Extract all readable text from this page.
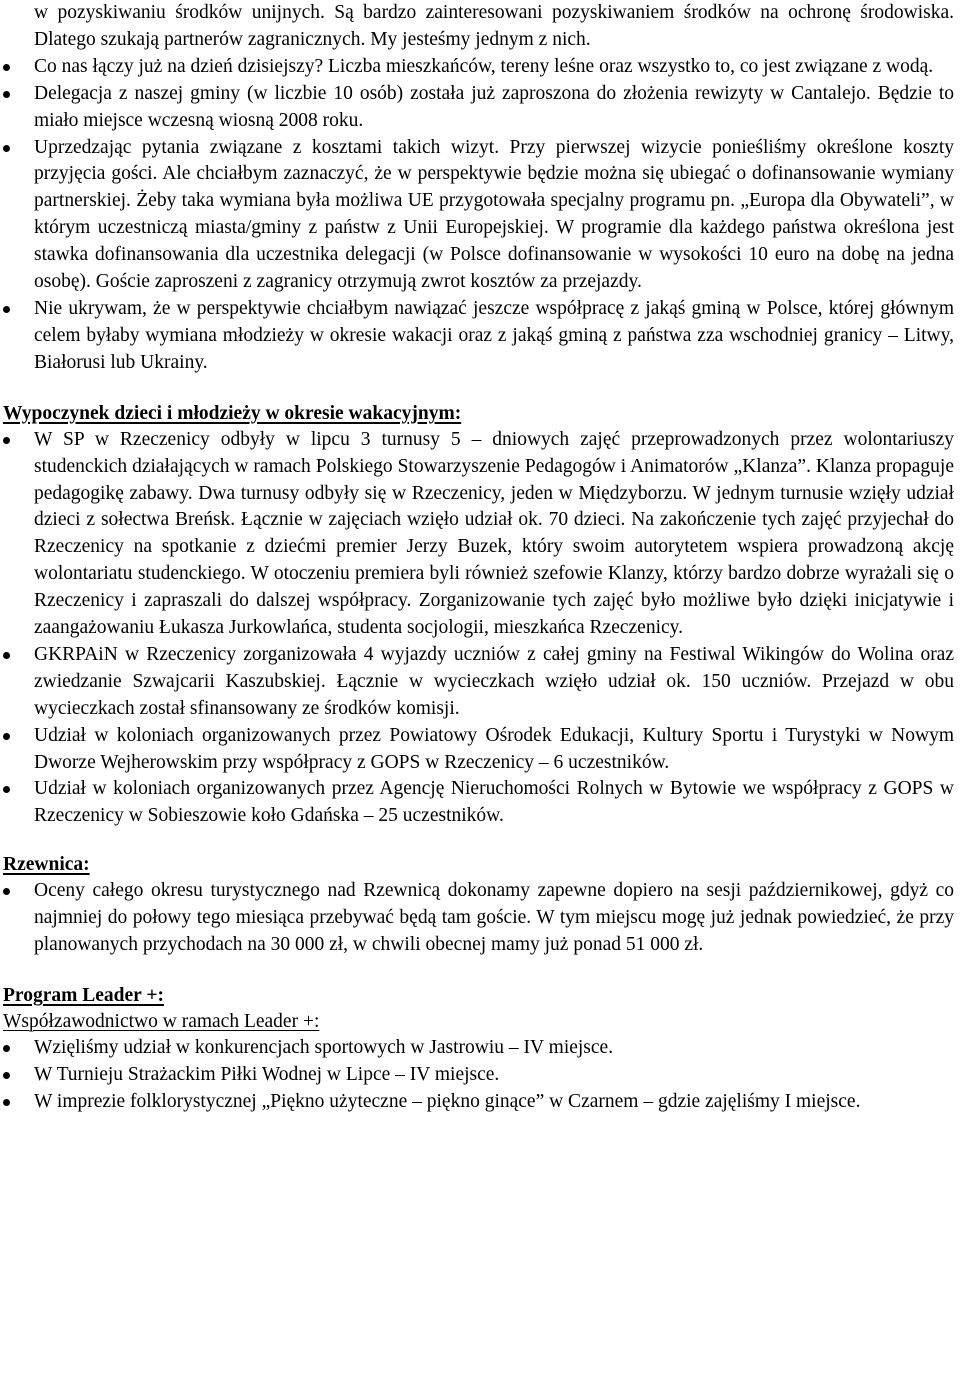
w pozyskiwaniu środków unijnych. Są bardzo zainteresowani pozyskiwaniem środków na ochronę środowiska. Dlatego szukają partnerów zagranicznych. My jesteśmy jednym z nich.
Co nas łączy już na dzień dzisiejszy? Liczba mieszkańców, tereny leśne oraz wszystko to, co jest związane z wodą.
Delegacja z naszej gminy (w liczbie 10 osób) została już zaproszona do złożenia rewizyty w Cantalejo. Będzie to miało miejsce wczesną wiosną 2008 roku.
Uprzedzając pytania związane z kosztami takich wizyt. Przy pierwszej wizycie ponieśliśmy określone koszty przyjęcia gości. Ale chciałbym zaznaczyć, że w perspektywie będzie można się ubiegać o dofinansowanie wymiany partnerskiej. Żeby taka wymiana była możliwa UE przygotowała specjalny programu pn. „Europa dla Obywateli”, w którym uczestniczą miasta/gminy z państw z Unii Europejskiej. W programie dla każdego państwa określona jest stawka dofinansowania dla uczestnika delegacji (w Polsce dofinansowanie w wysokości 10 euro na dobę na jedna osobę). Goście zaproszeni z zagranicy otrzymują zwrot kosztów za przejazdy.
Nie ukrywam, że w perspektywie chciałbym nawiązać jeszcze współpracę z jakąś gminą w Polsce, której głównym celem byłaby wymiana młodzieży w okresie wakacji oraz z jakąś gminą z państwa zza wschodniej granicy – Litwy, Białorusi lub Ukrainy.
Wypoczynek dzieci i młodzieży w okresie wakacyjnym:
W SP w Rzeczenicy odbyły w lipcu 3 turnusy 5 – dniowych zajęć przeprowadzonych przez wolontariuszy studenckich działających w ramach Polskiego Stowarzyszenie Pedagogów i Animatorów „Klanza”. Klanza propaguje pedagogikę zabawy. Dwa turnusy odbyły się w Rzeczenicy, jeden w Międzyborzu. W jednym turnusie wzięły udział dzieci z sołectwa Breńsk. Łącznie w zajęciach wzięło udział ok. 70 dzieci. Na zakończenie tych zajęć przyjechał do Rzeczenicy na spotkanie z dziećmi premier Jerzy Buzek, który swoim autorytetem wspiera prowadzoną akcję wolontariatu studenckiego. W otoczeniu premiera byli również szefowie Klanzy, którzy bardzo dobrze wyrażali się o Rzeczenicy i zapraszali do dalszej współpracy. Zorganizowanie tych zajęć było możliwe było dzięki inicjatywie i zaangażowaniu Łukasza Jurkowlańca, studenta socjologii, mieszkańca Rzeczenicy.
GKRPAiN w Rzeczenicy zorganizowała 4 wyjazdy uczniów z całej gminy na Festiwal Wikingów do Wolina oraz zwiedzanie Szwajcarii Kaszubskiej. Łącznie w wycieczkach wzięło udział ok. 150 uczniów. Przejazd w obu wycieczkach został sfinansowany ze środków komisji.
Udział w koloniach organizowanych przez Powiatowy Ośrodek Edukacji, Kultury Sportu i Turystyki w Nowym Dworze Wejherowskim przy współpracy z GOPS w Rzeczenicy – 6 uczestników.
Udział w koloniach organizowanych przez Agencję Nieruchomości Rolnych w Bytowie we współpracy z GOPS w Rzeczenicy w Sobieszowie koło Gdańska – 25 uczestników.
Rzewnica:
Oceny całego okresu turystycznego nad Rzewnicą dokonamy zapewne dopiero na sesji październikowej, gdyż co najmniej do połowy tego miesiąca przebywać będą tam goście. W tym miejscu mogę już jednak powiedzieć, że przy planowanych przychodach na 30 000 zł, w chwili obecnej mamy już ponad 51 000 zł.
Program Leader +:
Współzawodnictwo w ramach Leader +:
Wzięliśmy udział w konkurencjach sportowych w Jastrowiu – IV miejsce.
W Turnieju Strażackim Piłki Wodnej w Lipce – IV miejsce.
W imprezie folklorystycznej „Piękno użyteczne – piękno ginące” w Czarnem – gdzie zajęliśmy I miejsce.
